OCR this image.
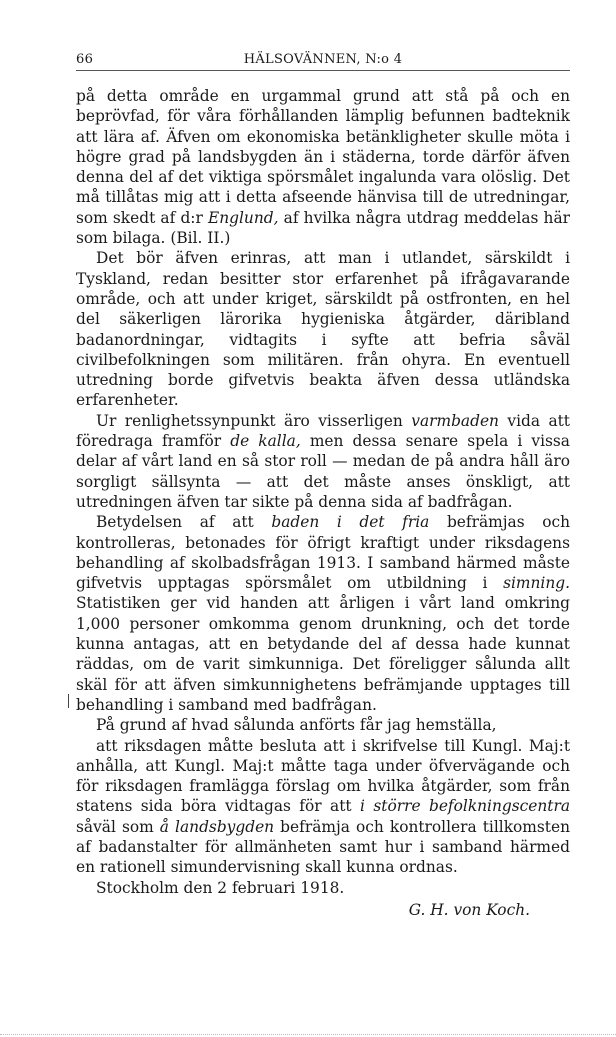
66	HÄLSOVÄNNEN, N:o 4

på detta område en urgammal grund att stå på och en beprövfad, för våra förhållanden lämplig befunnen badteknik att lära af. Äfven om ekonomiska betänkligheter skulle möta i högre grad på landsbygden än i städerna, torde därför äfven denna del af det viktiga spörsmålet ingalunda vara olöslig. Det må tillåtas mig att i detta afseende hänvisa till de utredningar, som skedt af d:r Englund, af hvilka några utdrag meddelas här som bilaga. (Bil. II.)

Det bör äfven erinras, att man i utlandet, särskildt i Tyskland, redan besitter stor erfarenhet på ifrågavarande område, och att under kriget, särskildt på ostfronten, en hel del säkerligen lärorika hygieniska åtgärder, däribland badanordningar, vidtagits i syfte att befria såväl civilbefolkningen som militären. från ohyra. En eventuell utredning borde gifvetvis beakta äfven dessa utländska erfarenheter.

Ur renlighetssynpunkt äro visserligen varmbaden vida att föredraga framför de kalla, men dessa senare spela i vissa delar af vårt land en så stor roll — medan de på andra håll äro sorgligt sällsynta — att det måste anses önskligt, att utredningen äfven tar sikte på denna sida af badfrågan.

Betydelsen af att baden i det fria befrämjas och kontrolleras, betonades för öfrigt kraftigt under riksdagens behandling af skolbadsfrågan 1913. I samband härmed måste gifvetvis upptagas spörsmålet om utbildning i simning. Statistiken ger vid handen att årligen i vårt land omkring 1,000 personer omkomma genom drunkning, och det torde kunna antagas, att en betydande del af dessa hade kunnat räddas, om de varit simkunniga. Det föreligger sålunda allt skäl för att äfven simkunnighetens befrämjande upptages till behandling i samband med badfrågan.

På grund af hvad sålunda anförts får jag hemställa,

att riksdagen måtte besluta att i skrifvelse till Kungl. Maj:t anhålla, att Kungl. Maj:t måtte taga under öfvervägande och för riksdagen framlägga förslag om hvilka åtgärder, som från statens sida böra vidtagas för att i större befolkningscentra såväl som å landsbygden befrämja och kontrollera tillkomsten af badanstalter för allmänheten samt hur i samband härmed en rationell simundervisning skall kunna ordnas.

Stockholm den 2 februari 1918.
G. H. von Koch.
